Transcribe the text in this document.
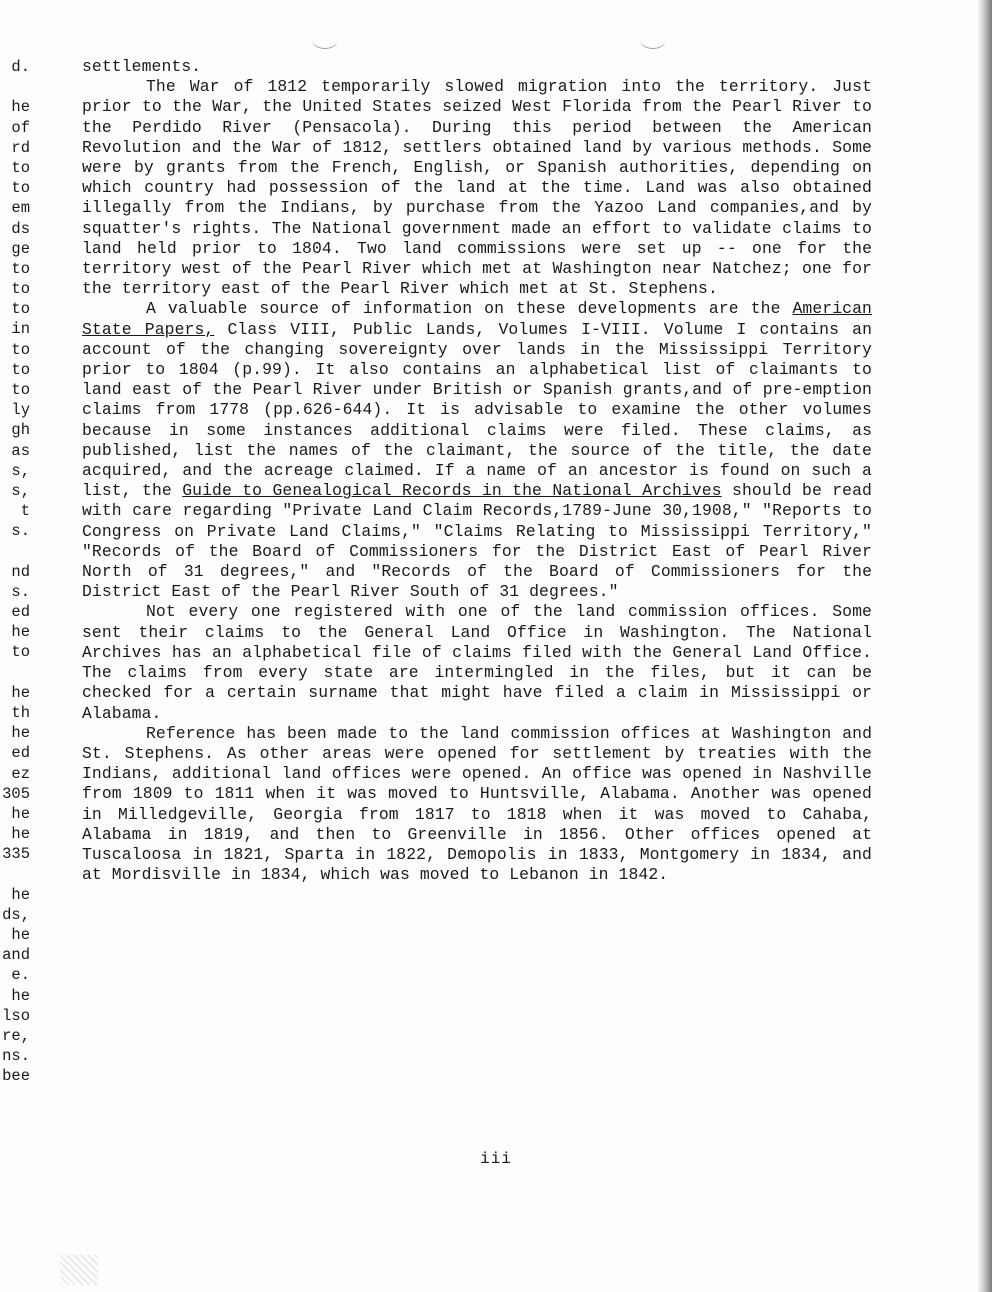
d.
he
of
rd
to
to
em
ds
ge
to
to
to
in
to
to
to
ly
gh
as
s,
s,
t
s.
nd
s.
ed
he
to
he
th
he
ed
ez
305
he
he
335
he
ds,
he
and
e.
he
lso
re,
ns.
bee

settlements.

The War of 1812 temporarily slowed migration into the territory. Just prior to the War, the United States seized West Florida from the Pearl River to the Perdido River (Pensacola). During this period between the American Revolution and the War of 1812, settlers obtained land by various methods. Some were by grants from the French, English, or Spanish authorities, depending on which country had possession of the land at the time. Land was also obtained illegally from the Indians, by purchase from the Yazoo Land companies,and by squatter's rights. The National government made an effort to validate claims to land held prior to 1804. Two land commissions were set up -- one for the territory west of the Pearl River which met at Washington near Natchez; one for the territory east of the Pearl River which met at St. Stephens.

A valuable source of information on these developments are the American State Papers, Class VIII, Public Lands, Volumes I-VIII. Volume I contains an account of the changing sovereignty over lands in the Mississippi Territory prior to 1804 (p.99). It also contains an alphabetical list of claimants to land east of the Pearl River under British or Spanish grants,and of pre-emption claims from 1778 (pp.626-644). It is advisable to examine the other volumes because in some instances additional claims were filed. These claims, as published, list the names of the claimant, the source of the title, the date acquired, and the acreage claimed. If a name of an ancestor is found on such a list, the Guide to Genealogical Records in the National Archives should be read with care regarding "Private Land Claim Records,1789-June 30,1908," "Reports to Congress on Private Land Claims," "Claims Relating to Mississippi Territory," "Records of the Board of Commissioners for the District East of Pearl River North of 31 degrees," and "Records of the Board of Commissioners for the District East of the Pearl River South of 31 degrees."

Not every one registered with one of the land commission offices. Some sent their claims to the General Land Office in Washington. The National Archives has an alphabetical file of claims filed with the General Land Office. The claims from every state are intermingled in the files, but it can be checked for a certain surname that might have filed a claim in Mississippi or Alabama.

Reference has been made to the land commission offices at Washington and St. Stephens. As other areas were opened for settlement by treaties with the Indians, additional land offices were opened. An office was opened in Nashville from 1809 to 1811 when it was moved to Huntsville, Alabama. Another was opened in Milledgeville, Georgia from 1817 to 1818 when it was moved to Cahaba, Alabama in 1819, and then to Greenville in 1856. Other offices opened at Tuscaloosa in 1821, Sparta in 1822, Demopolis in 1833, Montgomery in 1834, and at Mordisville in 1834, which was moved to Lebanon in 1842.

iii
